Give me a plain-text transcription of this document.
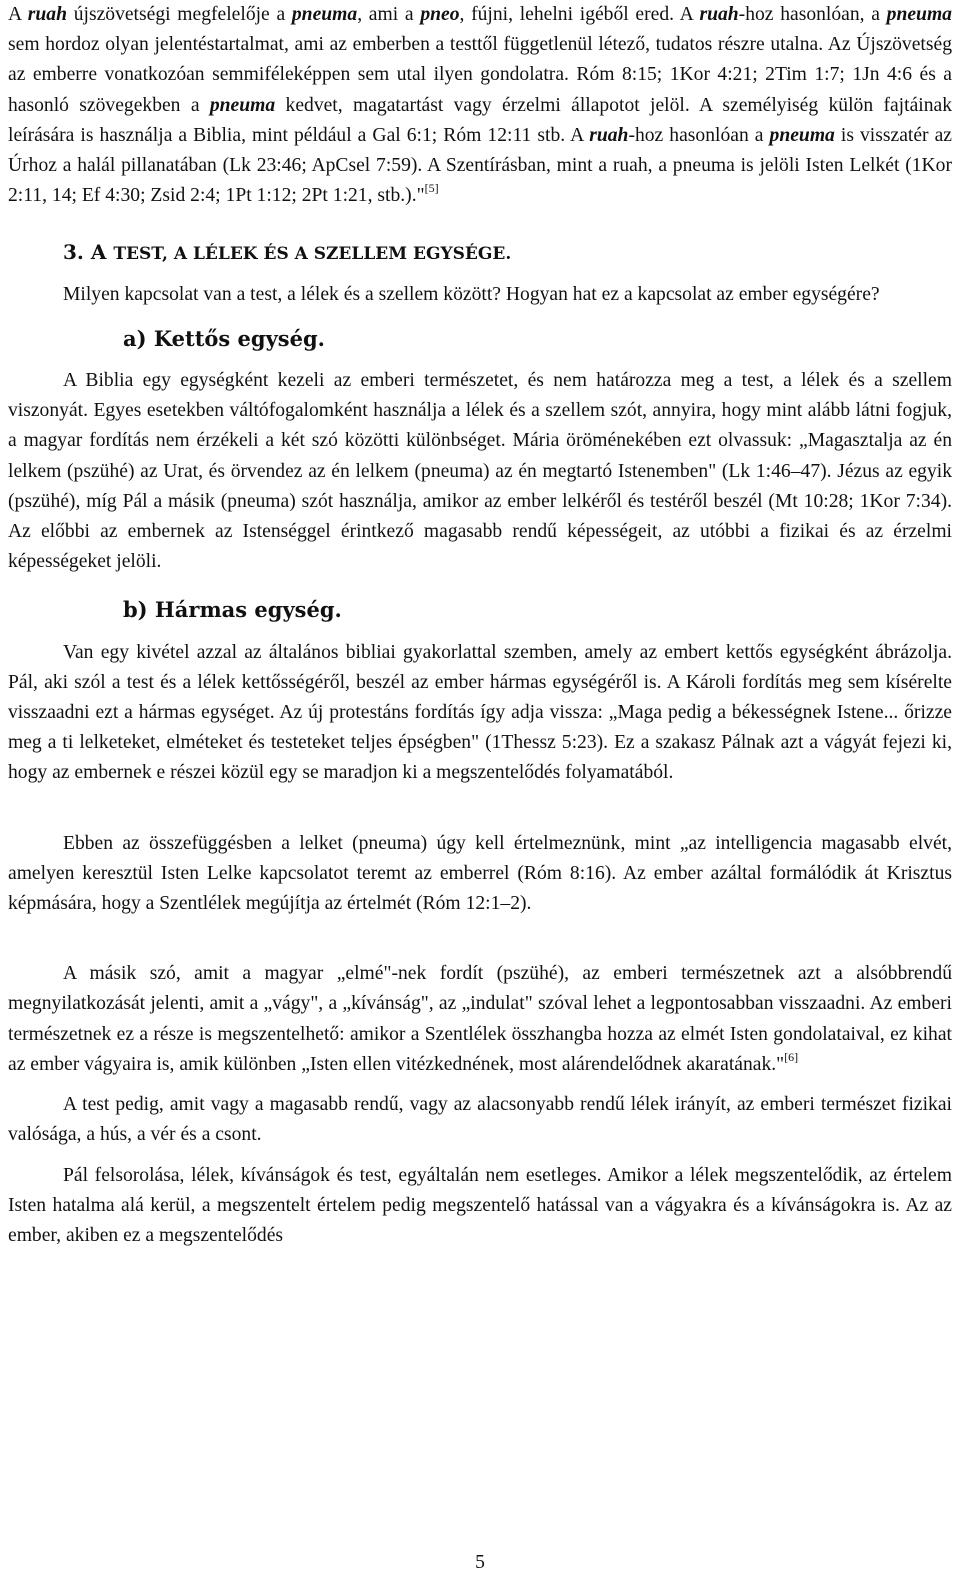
A ruah újszövetségi megfelelője a pneuma, ami a pneo, fújni, lehelni igéből ered. A ruah-hoz hasonlóan, a pneuma sem hordoz olyan jelentéstartalmat, ami az emberben a testtől függetlenül létező, tudatos részre utalna. Az Újszövetség az emberre vonatkozóan semmiféleképpen sem utal ilyen gondolatra. Róm 8:15; 1Kor 4:21; 2Tim 1:7; 1Jn 4:6 és a hasonló szövegekben a pneuma kedvet, magatartást vagy érzelmi állapotot jelöl. A személyiség külön fajtáinak leírására is használja a Biblia, mint például a Gal 6:1; Róm 12:11 stb. A ruah-hoz hasonlóan a pneuma is visszatér az Úrhoz a halál pillanatában (Lk 23:46; ApCsel 7:59). A Szentírásban, mint a ruah, a pneuma is jelöli Isten Lelkét (1Kor 2:11, 14; Ef 4:30; Zsid 2:4; 1Pt 1:12; 2Pt 1:21, stb.)."[5]

3. A TEST, A LÉLEK ÉS A SZELLEM EGYSÉGE.

Milyen kapcsolat van a test, a lélek és a szellem között? Hogyan hat ez a kapcsolat az ember egységére?

a) Kettős egység.

A Biblia egy egységként kezeli az emberi természetet, és nem határozza meg a test, a lélek és a szellem viszonyát. Egyes esetekben váltófogalomként használja a lélek és a szellem szót, annyira, hogy mint alább látni fogjuk, a magyar fordítás nem érzékeli a két szó közötti különbséget. Mária öröménekében ezt olvassuk: „Magasztalja az én lelkem (pszühé) az Urat, és örvendez az én lelkem (pneuma) az én megtartó Istenemben" (Lk 1:46–47). Jézus az egyik (pszühé), míg Pál a másik (pneuma) szót használja, amikor az ember lelkéről és testéről beszél (Mt 10:28; 1Kor 7:34). Az előbbi az embernek az Istenséggel érintkező magasabb rendű képességeit, az utóbbi a fizikai és az érzelmi képességeket jelöli.

b) Hármas egység.

Van egy kivétel azzal az általános bibliai gyakorlattal szemben, amely az embert kettős egységként ábrázolja. Pál, aki szól a test és a lélek kettősségéről, beszél az ember hármas egységéről is. A Károli fordítás meg sem kísérelte visszaadni ezt a hármas egységet. Az új protestáns fordítás így adja vissza: „Maga pedig a békességnek Istene... őrizze meg a ti lelketeket, elméteket és testeteket teljes épségben" (1Thessz 5:23). Ez a szakasz Pálnak azt a vágyát fejezi ki, hogy az embernek e részei közül egy se maradjon ki a megszentelődés folyamatából.

Ebben az összefüggésben a lelket (pneuma) úgy kell értelmeznünk, mint „az intelligencia magasabb elvét, amelyen keresztül Isten Lelke kapcsolatot teremt az emberrel (Róm 8:16). Az ember azáltal formálódik át Krisztus képmására, hogy a Szentlélek megújítja az értelmét (Róm 12:1–2).

A másik szó, amit a magyar „elmé"-nek fordít (pszühé), az emberi természetnek azt a alsóbbrendű megnyilatkozását jelenti, amit a „vágy", a „kívánság", az „indulat" szóval lehet a legpontosabban visszaadni. Az emberi természetnek ez a része is megszentelhető: amikor a Szentlélek összhangba hozza az elmét Isten gondolataival, ez kihat az ember vágyaira is, amik különben „Isten ellen vitézkednének, most alárendelődnek akaratának."[6]

A test pedig, amit vagy a magasabb rendű, vagy az alacsonyabb rendű lélek irányít, az emberi természet fizikai valósága, a hús, a vér és a csont.

Pál felsorolása, lélek, kívánságok és test, egyáltalán nem esetleges. Amikor a lélek megszentelődik, az értelem Isten hatalma alá kerül, a megszentelt értelem pedig megszentelő hatással van a vágyakra és a kívánságokra is. Az az ember, akiben ez a megszentelődés

5
